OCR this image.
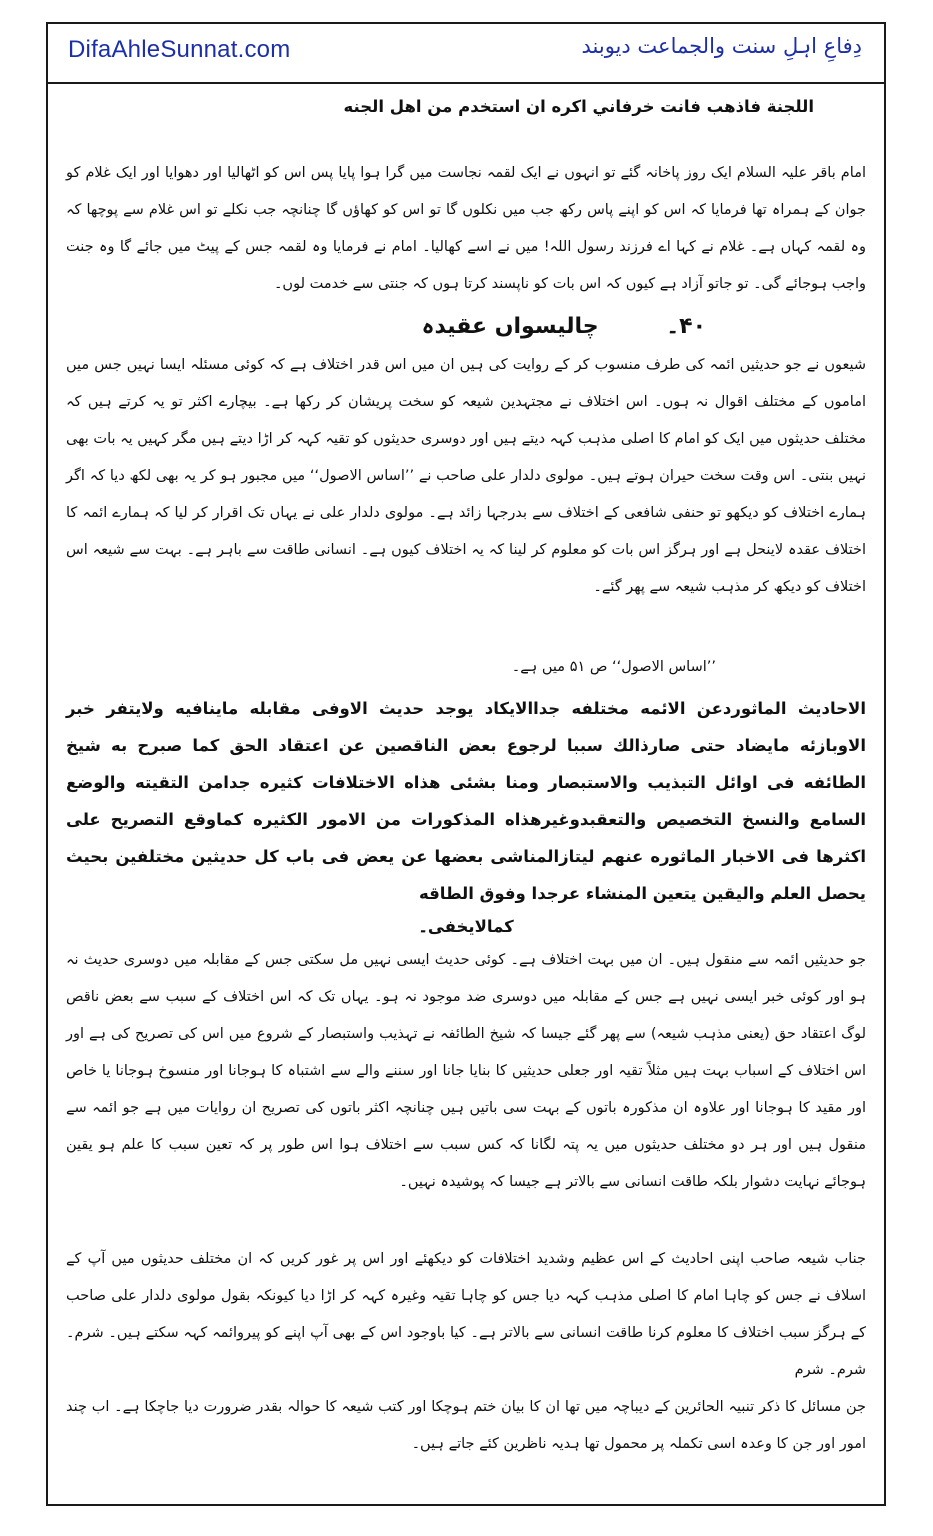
DifaAhleSunnat.com	دِفاعِ اہلِ سنت والجماعت دیوبند

اللجنة فاذهب فانت خرفاني اكره ان استخدم من اهل الجنه

امام باقر علیہ السلام ایک روز پاخانہ گئے تو انہوں نے ایک لقمہ نجاست میں گرا ہوا پایا پس اس کو اٹھالیا اور دھوایا اور ایک غلام کو جوان کے ہمراہ تھا فرمایا کہ اس کو اپنے پاس رکھ جب میں نکلوں گا تو اس کو کھاؤں گا چنانچہ جب نکلے تو اس غلام سے پوچھا کہ وہ لقمہ کہاں ہے۔ غلام نے کہا اے فرزند رسول اللہ! میں نے اسے کھالیا۔ امام نے فرمایا وہ لقمہ جس کے پیٹ میں جائے گا وہ جنت واجب ہوجائے گی۔ تو جاتو آزاد ہے کیوں کہ اس بات کو ناپسند کرتا ہوں کہ جنتی سے خدمت لوں۔

۴۰۔ چالیسواں عقیدہ

شیعوں نے جو حدیثیں ائمہ کی طرف منسوب کر کے روایت کی ہیں ان میں اس قدر اختلاف ہے کہ کوئی مسئلہ ایسا نہیں جس میں اماموں کے مختلف اقوال نہ ہوں۔ اس اختلاف نے مجتہدین شیعہ کو سخت پریشان کر رکھا ہے۔ بیچارے اکثر تو یہ کرتے ہیں کہ مختلف حدیثوں میں ایک کو امام کا اصلی مذہب کہہ دیتے ہیں اور دوسری حدیثوں کو تقیہ کہہ کر اڑا دیتے ہیں مگر کہیں یہ بات بھی نہیں بنتی۔ اس وقت سخت حیران ہوتے ہیں۔ مولوی دلدار علی صاحب نے ’’اساس الاصول‘‘ میں مجبور ہو کر یہ بھی لکھ دیا کہ اگر ہمارے اختلاف کو دیکھو تو حنفی شافعی کے اختلاف سے بدرجہا زائد ہے۔ مولوی دلدار علی نے یہاں تک اقرار کر لیا کہ ہمارے ائمہ کا اختلاف عقدہ لاینحل ہے اور ہرگز اس بات کو معلوم کر لینا کہ یہ اختلاف کیوں ہے۔ انسانی طاقت سے باہر ہے۔ بہت سے شیعہ اس اختلاف کو دیکھ کر مذہب شیعہ سے پھر گئے۔

’’اساس الاصول‘‘ ص ۵۱ میں ہے۔

الاحاديث الماثوردعن الائمه مختلفه جداالايكاد يوجد حديث الاوفى مقابله ماينافيه ولايتفر خبر الاوبازئه مايضاد حتى صارذالك سببا لرجوع بعض الناقصين عن اعتقاد الحق كما صبرح به شيخ الطائفه فى اوائل التبذيب والاستبصار ومنا بشئى هذاه الاختلافات كثيره جدامن التقيته والوضع السامع والنسخ التخصيص والتعقبدوغيرهذاه المذكورات من الامور الكثيره كماوقع التصريح على اكثرها فى الاخبار الماثوره عنهم ليتازالمناشى بعضها عن يعض فى باب كل حديثين مختلفين بحيث يحصل العلم واليقين يتعين المنشاء عرجدا وفوق الطاقه

كمالايخفى۔

جو حدیثیں ائمہ سے منقول ہیں۔ ان میں بہت اختلاف ہے۔ کوئی حدیث ایسی نہیں مل سکتی جس کے مقابلہ میں دوسری حدیث نہ ہو اور کوئی خبر ایسی نہیں ہے جس کے مقابلہ میں دوسری ضد موجود نہ ہو۔ یہاں تک کہ اس اختلاف کے سبب سے بعض ناقص لوگ اعتقاد حق (یعنی مذہب شیعہ) سے پھر گئے جیسا کہ شیخ الطائفہ نے تہذیب واستبصار کے شروع میں اس کی تصریح کی ہے اور اس اختلاف کے اسباب بہت ہیں مثلاً تقیہ اور جعلی حدیثیں کا بنایا جانا اور سننے والے سے اشتباہ کا ہوجانا اور منسوخ ہوجانا یا خاص اور مقید کا ہوجانا اور علاوہ ان مذکورہ باتوں کے بہت سی باتیں ہیں چنانچہ اکثر باتوں کی تصریح ان روایات میں ہے جو ائمہ سے منقول ہیں اور ہر دو مختلف حدیثوں میں یہ پتہ لگانا کہ کس سبب سے اختلاف ہوا اس طور پر کہ تعین سبب کا علم ہو یقین ہوجائے نہایت دشوار بلکہ طاقت انسانی سے بالاتر ہے جیسا کہ پوشیدہ نہیں۔

جناب شیعہ صاحب اپنی احادیث کے اس عظیم وشدید اختلافات کو دیکھئے اور اس پر غور کریں کہ ان مختلف حدیثوں میں آپ کے اسلاف نے جس کو چاہا امام کا اصلی مذہب کہہ دیا جس کو چاہا تقیہ وغیرہ کہہ کر اڑا دیا کیونکہ بقول مولوی دلدار علی صاحب کے ہرگز سبب اختلاف کا معلوم کرنا طاقت انسانی سے بالاتر ہے۔ کیا باوجود اس کے بھی آپ اپنے کو پیروائمہ کہہ سکتے ہیں۔ شرم۔ شرم۔ شرم

جن مسائل کا ذکر تنبیہ الحائرین کے دیباچہ میں تھا ان کا بیان ختم ہوچکا اور کتب شیعہ کا حوالہ بقدر ضرورت دیا جاچکا ہے۔ اب چند امور اور جن کا وعدہ اسی تکملہ پر محمول تھا ہدیہ ناظرین کئے جاتے ہیں۔
